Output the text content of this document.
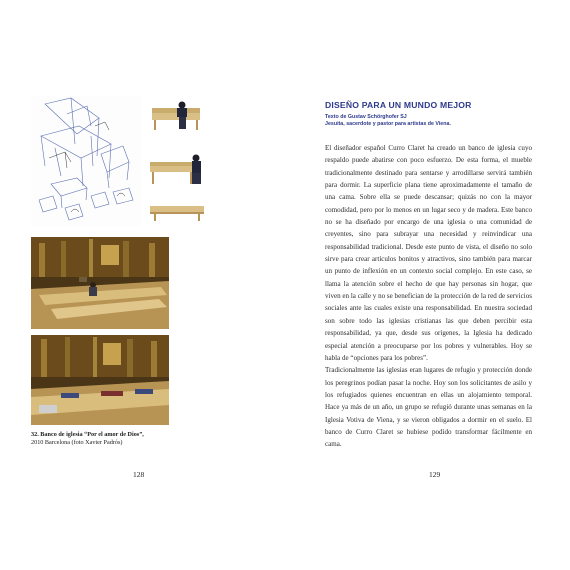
32. Banco de iglesia “Por el amor de Dios”,
2010 Barcelona (foto Xavier Padrós)
128
DISEÑO PARA UN MUNDO MEJOR
Texto de Gustav Schörghofer SJ
Jesuita, sacerdote y pastor para artistas de Viena.

El diseñador español Curro Claret ha creado un banco de iglesia cuyo respaldo puede abatirse con poco esfuerzo. De esta forma, el mueble tradicionalmente destinado para sentarse y arrodillarse servirá también para dormir. La superficie plana tiene aproximadamente el tamaño de una cama. Sobre ella se puede descansar; quizás no con la mayor comodidad, pero por lo menos en un lugar seco y de madera. Este banco no se ha diseñado por encargo de una iglesia o una comunidad de creyentes, sino para subrayar una necesidad y reinvindicar una responsabilidad tradicional. Desde este punto de vista, el diseño no solo sirve para crear artículos bonitos y atractivos, sino también para marcar un punto de inflexión en un contexto social complejo. En este caso, se llama la atención sobre el hecho de que hay personas sin hogar, que viven en la calle y no se benefician de la protección de la red de servicios sociales ante las cuales existe una responsabilidad. En nuestra sociedad son sobre todo las iglesias cristianas las que deben percibir esta responsabilidad, ya que, desde sus orígenes, la Iglesia ha dedicado especial atención a preocuparse por los pobres y vulnerables. Hoy se habla de “opciones para los pobres”.

Tradicionalmente las iglesias eran lugares de refugio y protección donde los peregrinos podían pasar la noche. Hoy son los solicitantes de asilo y los refugiados quienes encuentran en ellas un alojamiento temporal. Hace ya más de un año, un grupo se refugió durante unas semanas en la Iglesia Votiva de Viena, y se vieron obligados a dormir en el suelo. El banco de Curro Claret se hubiese podido transformar fácilmente en cama.

129
